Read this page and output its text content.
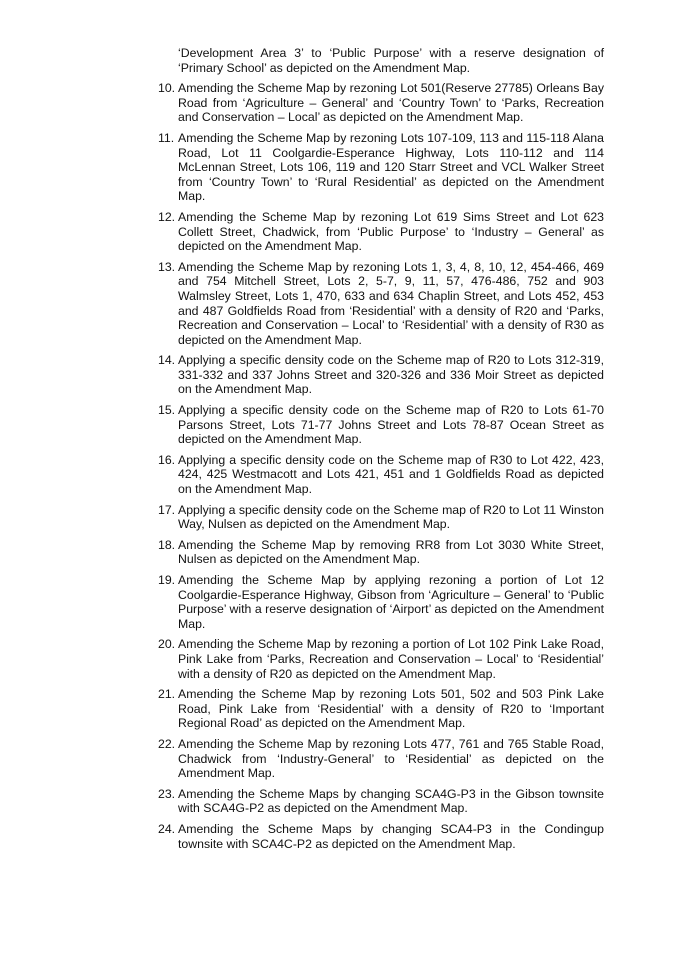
‘Development Area 3’ to ‘Public Purpose’ with a reserve designation of ‘Primary School’ as depicted on the Amendment Map.
10. Amending the Scheme Map by rezoning Lot 501(Reserve 27785) Orleans Bay Road from ‘Agriculture – General’ and ‘Country Town’ to ‘Parks, Recreation and Conservation – Local’ as depicted on the Amendment Map.
11. Amending the Scheme Map by rezoning Lots 107-109, 113 and 115-118 Alana Road, Lot 11 Coolgardie-Esperance Highway, Lots 110-112 and 114 McLennan Street, Lots 106, 119 and 120 Starr Street and VCL Walker Street from ‘Country Town’ to ‘Rural Residential’ as depicted on the Amendment Map.
12. Amending the Scheme Map by rezoning Lot 619 Sims Street and Lot 623 Collett Street, Chadwick, from ‘Public Purpose’ to ‘Industry – General’ as depicted on the Amendment Map.
13. Amending the Scheme Map by rezoning Lots 1, 3, 4, 8, 10, 12, 454-466, 469 and 754 Mitchell Street, Lots 2, 5-7, 9, 11, 57, 476-486, 752 and 903 Walmsley Street, Lots 1, 470, 633 and 634 Chaplin Street, and Lots 452, 453 and 487 Goldfields Road from ‘Residential’ with a density of R20 and ‘Parks, Recreation and Conservation – Local’ to ‘Residential’ with a density of R30 as depicted on the Amendment Map.
14. Applying a specific density code on the Scheme map of R20 to Lots 312-319, 331-332 and 337 Johns Street and 320-326 and 336 Moir Street as depicted on the Amendment Map.
15. Applying a specific density code on the Scheme map of R20 to Lots 61-70 Parsons Street, Lots 71-77 Johns Street and Lots 78-87 Ocean Street as depicted on the Amendment Map.
16. Applying a specific density code on the Scheme map of R30 to Lot 422, 423, 424, 425 Westmacott and Lots 421, 451 and 1 Goldfields Road as depicted on the Amendment Map.
17. Applying a specific density code on the Scheme map of R20 to Lot 11 Winston Way, Nulsen as depicted on the Amendment Map.
18. Amending the Scheme Map by removing RR8 from Lot 3030 White Street, Nulsen as depicted on the Amendment Map.
19. Amending the Scheme Map by applying rezoning a portion of Lot 12 Coolgardie-Esperance Highway, Gibson from ‘Agriculture – General’ to ‘Public Purpose’ with a reserve designation of ‘Airport’ as depicted on the Amendment Map.
20. Amending the Scheme Map by rezoning a portion of Lot 102 Pink Lake Road, Pink Lake from ‘Parks, Recreation and Conservation – Local’ to ‘Residential’ with a density of R20 as depicted on the Amendment Map.
21. Amending the Scheme Map by rezoning Lots 501, 502 and 503 Pink Lake Road, Pink Lake from ‘Residential’ with a density of R20 to ‘Important Regional Road’ as depicted on the Amendment Map.
22. Amending the Scheme Map by rezoning Lots 477, 761 and 765 Stable Road, Chadwick from ‘Industry-General’ to ‘Residential’ as depicted on the Amendment Map.
23. Amending the Scheme Maps by changing SCA4G-P3 in the Gibson townsite with SCA4G-P2 as depicted on the Amendment Map.
24. Amending the Scheme Maps by changing SCA4-P3 in the Condingup townsite with SCA4C-P2 as depicted on the Amendment Map.
